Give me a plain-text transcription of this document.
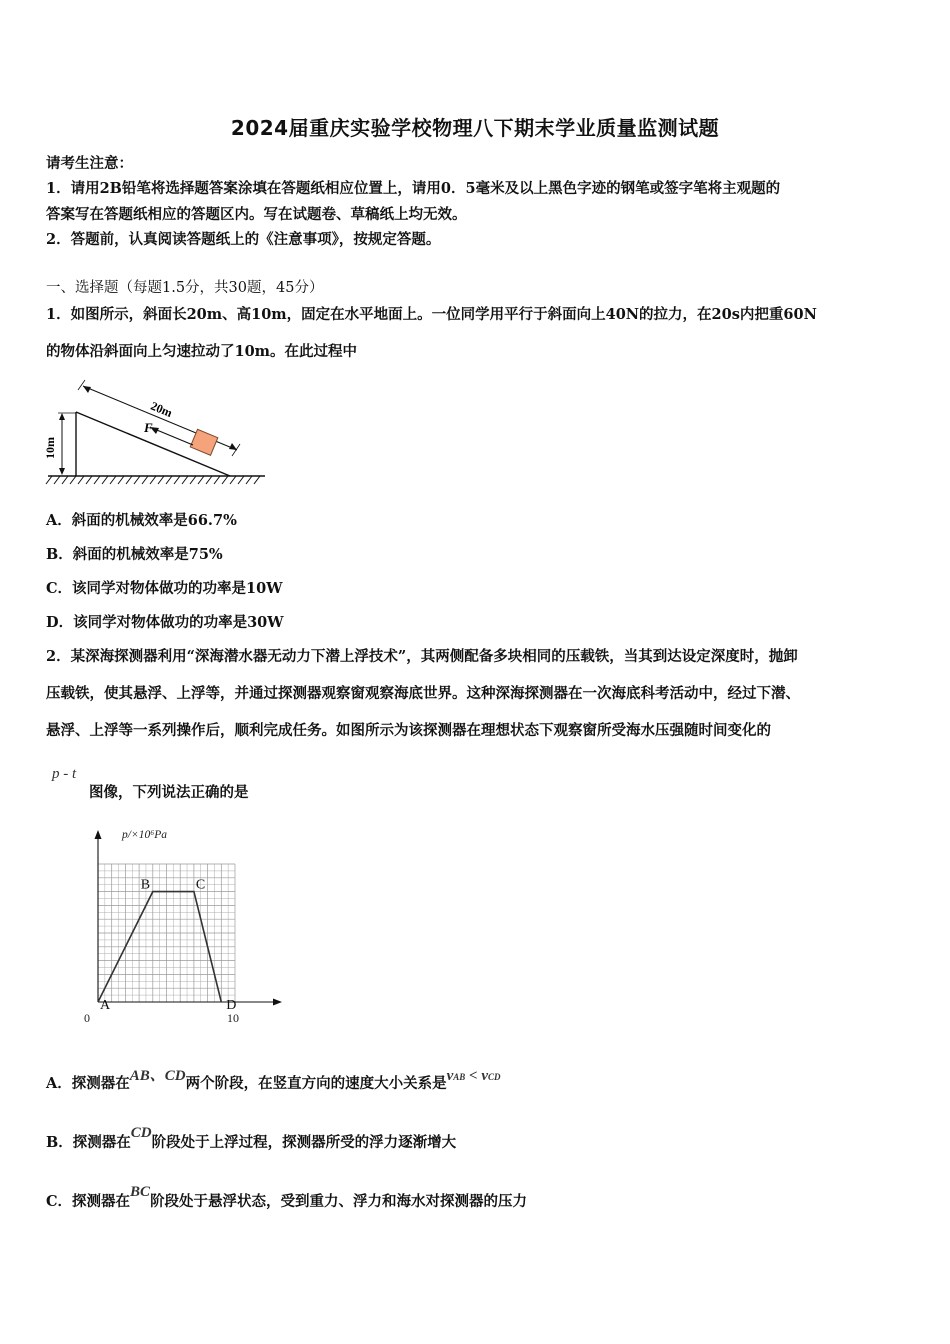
2024届重庆实验学校物理八下期末学业质量监测试题
请考生注意：
1．请用2B铅笔将选择题答案涂填在答题纸相应位置上，请用0．5毫米及以上黑色字迹的钢笔或签字笔将主观题的
答案写在答题纸相应的答题区内。写在试题卷、草稿纸上均无效。
2．答题前，认真阅读答题纸上的《注意事项》，按规定答题。
一、选择题（每题1.5分，共30题，45分）
1．如图所示，斜面长20m、高10m，固定在水平地面上。一位同学用平行于斜面向上40N的拉力，在20s内把重60N
的物体沿斜面向上匀速拉动了10m。在此过程中
10m
20m
F
A．斜面的机械效率是66.7%
B．斜面的机械效率是75%
C．该同学对物体做功的功率是10W
D．该同学对物体做功的功率是30W
2．某深海探测器利用“深海潜水器无动力下潜上浮技术”，其两侧配备多块相同的压载铁，当其到达设定深度时，抛卸
压载铁，使其悬浮、上浮等，并通过探测器观察窗观察海底世界。这种深海探测器在一次海底科考活动中，经过下潜、
悬浮、上浮等一系列操作后，顺利完成任务。如图所示为该探测器在理想状态下观察窗所受海水压强随时间变化的
p - t
图像，下列说法正确的是
A
B	C
D
p/×10⁶Pa
0	10
A．探测器在AB、CD两个阶段，在竖直方向的速度大小关系是vAB < vCD
B．探测器在CD阶段处于上浮过程，探测器所受的浮力逐渐增大
C．探测器在BC阶段处于悬浮状态，受到重力、浮力和海水对探测器的压力
